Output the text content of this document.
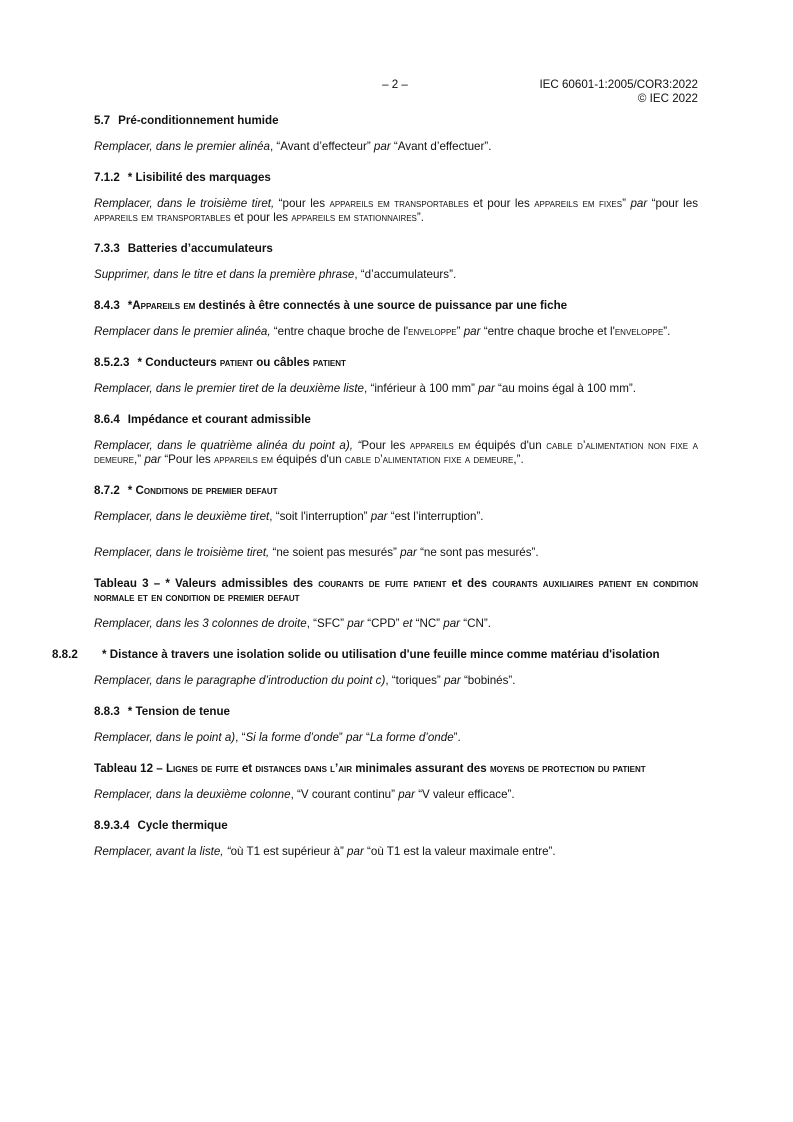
– 2 –	IEC 60601-1:2005/COR3:2022
© IEC 2022
5.7 Pré-conditionnement humide
Remplacer, dans le premier alinéa, “Avant d’effecteur” par “Avant d’effectuer”.
7.1.2 * Lisibilité des marquages
Remplacer, dans le troisième tiret, “pour les appareils em transportables et pour les appareils em fixes” par “pour les appareils em transportables et pour les appareils em stationnaires”.
7.3.3 Batteries d’accumulateurs
Supprimer, dans le titre et dans la première phrase, “d’accumulateurs”.
8.4.3 *Appareils em destinés à être connectés à une source de puissance par une fiche
Remplacer dans le premier alinéa, “entre chaque broche de l'enveloppe” par “entre chaque broche et l'enveloppe”.
8.5.2.3 * Conducteurs patient ou câbles patient
Remplacer, dans le premier tiret de la deuxième liste, “inférieur à 100 mm” par “au moins égal à 100 mm”.
8.6.4 Impédance et courant admissible
Remplacer, dans le quatrième alinéa du point a), “Pour les appareils em équipés d'un cable d’alimentation non fixe a demeure,” par “Pour les appareils em équipés d'un cable d’alimentation fixe a demeure,”.
8.7.2 * Conditions de premier defaut
Remplacer, dans le deuxième tiret, “soit l'interruption” par “est l’interruption”.
Remplacer, dans le troisième tiret, “ne soient pas mesurés” par “ne sont pas mesurés”.
Tableau 3 – * Valeurs admissibles des courants de fuite patient et des courants auxiliaires patient en condition normale et en condition de premier defaut
Remplacer, dans les 3 colonnes de droite, “SFC” par “CPD” et “NC” par “CN”.
8.8.2 * Distance à travers une isolation solide ou utilisation d'une feuille mince comme matériau d'isolation
Remplacer, dans le paragraphe d’introduction du point c), “toriques” par “bobinés”.
8.8.3 * Tension de tenue
Remplacer, dans le point a), “Si la forme d’onde” par “La forme d’onde”.
Tableau 12 – Lignes de fuite et distances dans l’air minimales assurant des moyens de protection du patient
Remplacer, dans la deuxième colonne, “V courant continu” par “V valeur efficace”.
8.9.3.4 Cycle thermique
Remplacer, avant la liste, “où T1 est supérieur à” par “où T1 est la valeur maximale entre”.
